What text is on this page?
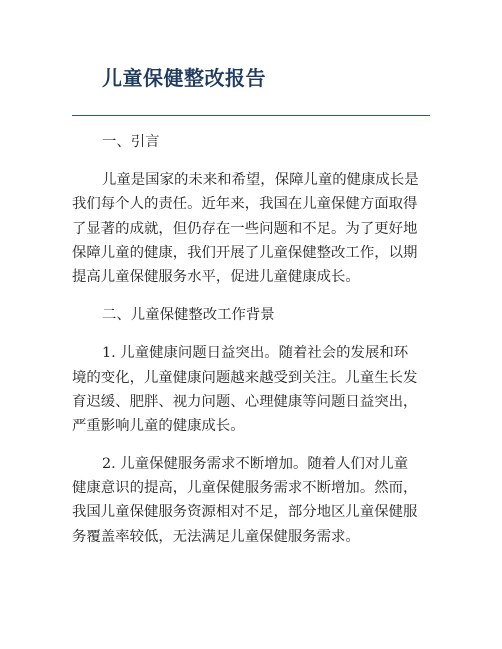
儿童保健整改报告
一、引言
儿童是国家的未来和希望，保障儿童的健康成长是
我们每个人的责任。近年来，我国在儿童保健方面取得
了显著的成就，但仍存在一些问题和不足。为了更好地
保障儿童的健康，我们开展了儿童保健整改工作，以期
提高儿童保健服务水平，促进儿童健康成长。
二、儿童保健整改工作背景
1. 儿童健康问题日益突出。随着社会的发展和环
境的变化，儿童健康问题越来越受到关注。儿童生长发
育迟缓、肥胖、视力问题、心理健康等问题日益突出，
严重影响儿童的健康成长。
2. 儿童保健服务需求不断增加。随着人们对儿童
健康意识的提高，儿童保健服务需求不断增加。然而，
我国儿童保健服务资源相对不足，部分地区儿童保健服
务覆盖率较低，无法满足儿童保健服务需求。
